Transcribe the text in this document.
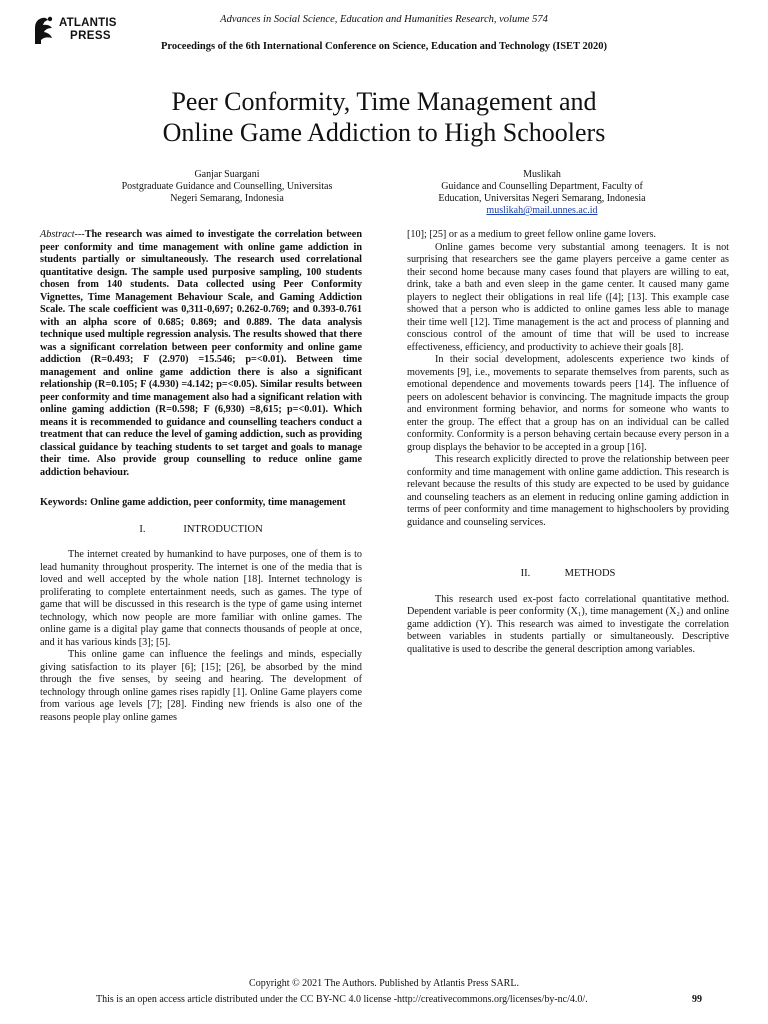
ATLANTIS
PRESS
Advances in Social Science, Education and Humanities Research, volume 574
Proceedings of the 6th International Conference on Science, Education and Technology (ISET 2020)
Peer Conformity, Time Management and
Online Game Addiction to High Schoolers
Ganjar Suargani
Postgraduate Guidance and Counselling, Universitas
Negeri Semarang, Indonesia
Muslikah
Guidance and Counselling Department, Faculty of
Education, Universitas Negeri Semarang, Indonesia
muslikah@mail.unnes.ac.id

Abstract---The research was aimed to investigate the correlation between peer conformity and time management with online game addiction in students partially or simultaneously. The research used correlational quantitative design. The sample used purposive sampling, 100 students chosen from 140 students. Data collected using Peer Conformity Vignettes, Time Management Behaviour Scale, and Gaming Addiction Scale. The scale coefficient was 0,311-0,697; 0.262-0.769; and 0.393-0.761 with an alpha score of 0.685; 0.869; and 0.889. The data analysis technique used multiple regression analysis. The results showed that there was a significant correlation between peer conformity and online game addiction (R=0.493; F (2.970) =15.546; p=<0.01). Between time management and online game addiction there is also a significant relationship (R=0.105; F (4.930) =4.142; p=<0.05). Similar results between peer conformity and time management also had a significant relation with online gaming addiction (R=0.598; F (6,930) =8,615; p=<0.01). Which means it is recommended to guidance and counselling teachers conduct a treatment that can reduce the level of gaming addiction, such as providing classical guidance by teaching students to set target and goals to manage their time. Also provide group counselling to reduce online game addiction behaviour.

Keywords: Online game addiction, peer conformity, time management

I.	INTRODUCTION

The internet created by humankind to have purposes, one of them is to lead humanity throughout prosperity. The internet is one of the media that is loved and well accepted by the whole nation [18]. Internet technology is proliferating to complete entertainment needs, such as games. The type of game that will be discussed in this research is the type of game using internet technology, which now people are more familiar with online games. The online game is a digital play game that connects thousands of people at once, and it has various kinds [3]; [5].

This online game can influence the feelings and minds, especially giving satisfaction to its player [6]; [15]; [26], be absorbed by the mind through the five senses, by seeing and hearing. The development of technology through online games rises rapidly [1]. Online Game players come from various age levels [7]; [28]. Finding new friends is also one of the reasons people play online games

[10]; [25] or as a medium to greet fellow online game lovers.

Online games become very substantial among teenagers. It is not surprising that researchers see the game players perceive a game center as their second home because many cases found that players are willing to eat, drink, take a bath and even sleep in the game center. It caused many game players to neglect their obligations in real life ([4]; [13]. This example case showed that a person who is addicted to online games less able to manage their time well [12]. Time management is the act and process of planning and conscious control of the amount of time that will be used to increase effectiveness, efficiency, and productivity to achieve their goals [8].

In their social development, adolescents experience two kinds of movements [9], i.e., movements to separate themselves from parents, such as emotional dependence and movements towards peers [14]. The influence of peers on adolescent behavior is convincing. The magnitude impacts the group and environment forming behavior, and norms for someone who wants to enter the group. The effect that a group has on an individual can be called conformity. Conformity is a person behaving certain because every person in a group displays the behavior to be accepted in a group [16].

This research explicitly directed to prove the relationship between peer conformity and time management with online game addiction. This research is relevant because the results of this study are expected to be used by guidance and counseling teachers as an element in reducing online gaming addiction in terms of peer conformity and time management to highschoolers by providing guidance and counseling services.

II.	METHODS

This research used ex-post facto correlational quantitative method. Dependent variable is peer conformity (X₁), time management (X₂) and online game addiction (Y). This research was aimed to investigate the correlation between variables in students partially or simultaneously. Descriptive qualitative is used to describe the general description among variables.

Copyright © 2021 The Authors. Published by Atlantis Press SARL.
This is an open access article distributed under the CC BY-NC 4.0 license -http://creativecommons.org/licenses/by-nc/4.0/.	99
